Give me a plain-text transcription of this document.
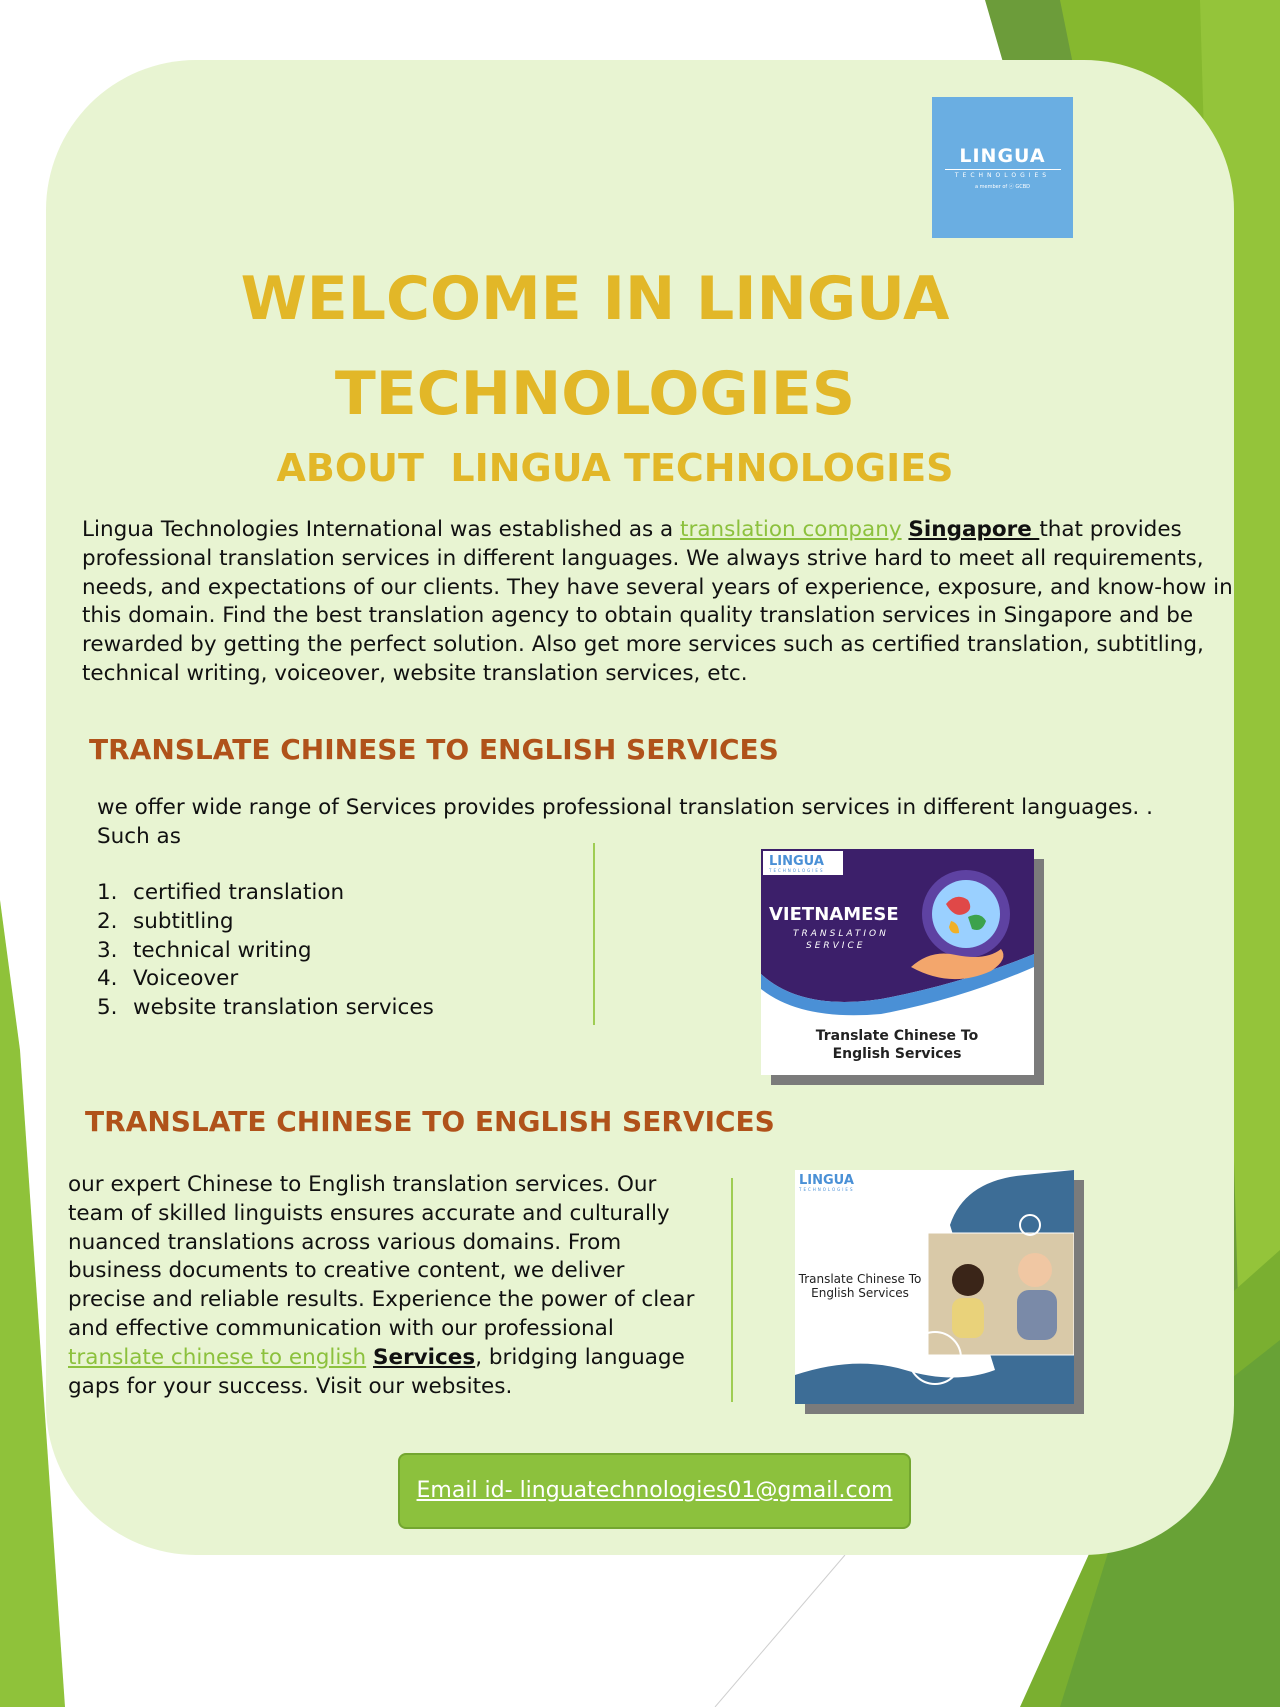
LINGUA
TECHNOLOGIES
a member of ⓐ GCBD
WELCOME IN LINGUA
TECHNOLOGIES
ABOUT  LINGUA TECHNOLOGIES

Lingua Technologies International was established as a translation company Singapore that provides professional translation services in different languages. We always strive hard to meet all requirements, needs, and expectations of our clients. They have several years of experience, exposure, and know-how in this domain. Find the best translation agency to obtain quality translation services in Singapore and be rewarded by getting the perfect solution. Also get more services such as certified translation, subtitling, technical writing, voiceover, website translation services, etc.

TRANSLATE CHINESE TO ENGLISH SERVICES

we offer wide range of Services provides professional translation services in different languages. . Such as

1. certified translation
2. subtitling
3. technical writing
4. Voiceover
5. website translation services
LINGUA
TECHNOLOGIES
VIETNAMESE
TRANSLATION
SERVICE
Translate Chinese To
English Services
TRANSLATE CHINESE TO ENGLISH SERVICES

our expert Chinese to English translation services. Our team of skilled linguists ensures accurate and culturally nuanced translations across various domains. From business documents to creative content, we deliver precise and reliable results. Experience the power of clear and effective communication with our professional translate chinese to english Services, bridging language gaps for your success. Visit our websites.

LINGUA
TECHNOLOGIES
Translate Chinese To
English Services
Email id- linguatechnologies01@gmail.com
